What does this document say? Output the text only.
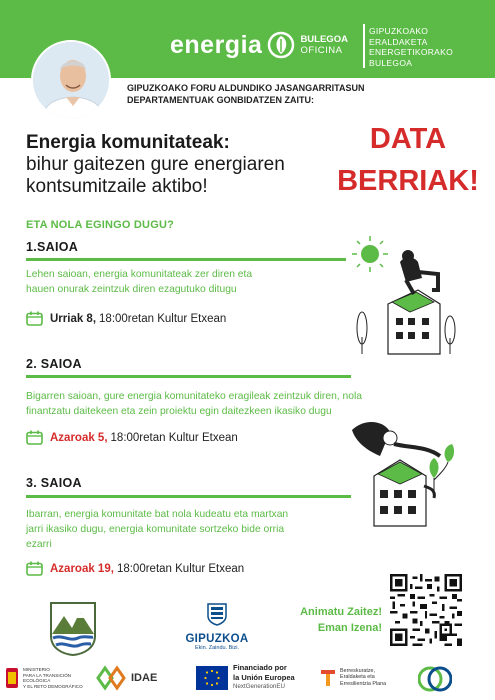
energia	BULEGOA
OFICINA
GIPUZKOAKO
ERALDAKETA
ENERGETIKORAKO
BULEGOA
GIPUZKOAKO FORU ALDUNDIKO JASANGARRITASUN DEPARTAMENTUAK GONBIDATZEN ZAITU:
Energia komunitateak:
bihur gaitezen gure energiaren
kontsumitzaile aktibo!
DATA
BERRIAK!
ETA NOLA EGINGO DUGU?
1.SAIOA
Lehen saioan, energia komunitateak zer diren eta
hauen onurak zeintzuk diren ezagutuko ditugu
Urriak 8, 18:00retan Kultur Etxean
2. SAIOA
Bigarren saioan, gure energia komunitateko eragileak zeintzuk diren, nola
finantzatu daitekeen eta zein proiektu egin daitezkeen ikasiko dugu
Azaroak 5, 18:00retan Kultur Etxean
3. SAIOA
Ibarran, energia komunitate bat nola kudeatu eta martxan
jarri ikasiko dugu, energia komunitate sortzeko bide orria
ezarri
Azaroak 19, 18:00retan Kultur Etxean
GIPUZKOA
Ekin. Zaindu. Bizi.
Animatu Zaitez!
Eman Izena!
MINISTERIO
PARA LA TRANSICIÓN ECOLÓGICA
Y EL RETO DEMOGRÁFICO
IDAE
Financiado por
la Unión Europea
NextGenerationEU
Berreskuratze,
Eraldaketa eta
Erresilientzia Plana
